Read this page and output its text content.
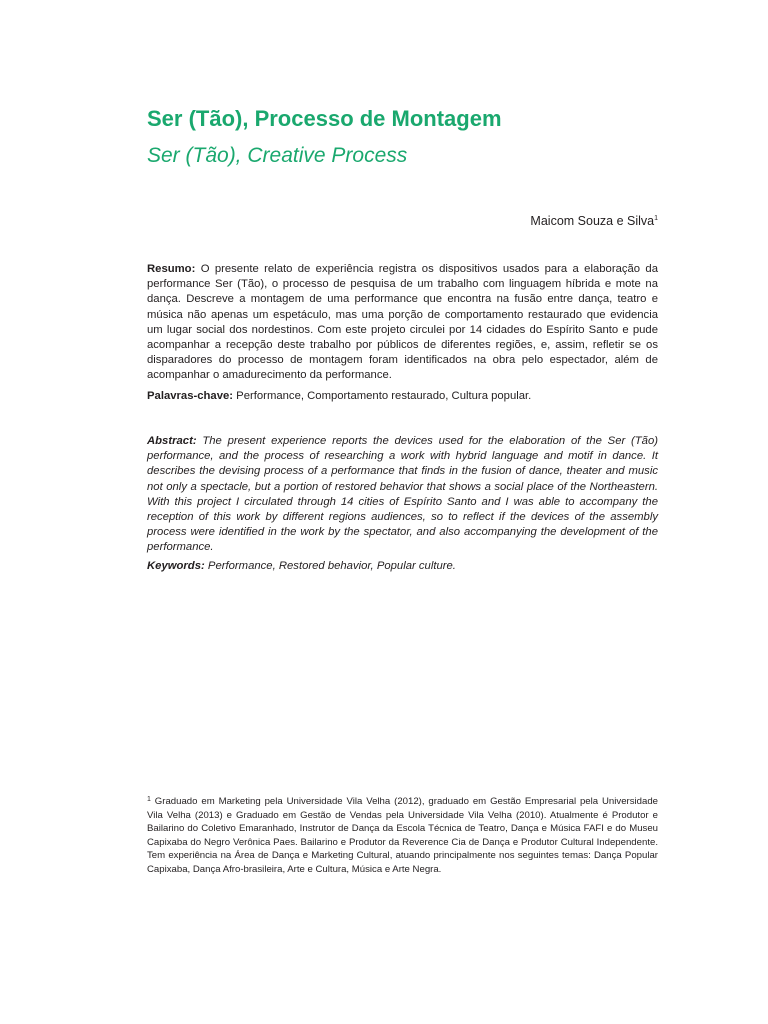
Ser (Tão), Processo de Montagem
Ser (Tão), Creative Process
Maicom Souza e Silva$^1$

Resumo: O presente relato de experiência registra os dispositivos usados para a elaboração da performance Ser (Tão), o processo de pesquisa de um trabalho com linguagem híbrida e mote na dança. Descreve a montagem de uma performance que encontra na fusão entre dança, teatro e música não apenas um espetáculo, mas uma porção de comportamento restaurado que evidencia um lugar social dos nordestinos. Com este projeto circulei por 14 cidades do Espírito Santo e pude acompanhar a recepção deste trabalho por públicos de diferentes regiões, e, assim, refletir se os disparadores do processo de montagem foram identificados na obra pelo espectador, além de acompanhar o amadurecimento da performance.

Palavras-chave: Performance, Comportamento restaurado, Cultura popular.

Abstract: The present experience reports the devices used for the elaboration of the Ser (Tão) performance, and the process of researching a work with hybrid language and motif in dance. It describes the devising process of a performance that finds in the fusion of dance, theater and music not only a spectacle, but a portion of restored behavior that shows a social place of the Northeastern. With this project I circulated through 14 cities of Espírito Santo and I was able to accompany the reception of this work by different regions audiences, so to reflect if the devices of the assembly process were identified in the work by the spectator, and also accompanying the development of the performance.

Keywords: Performance, Restored behavior, Popular culture.

$^1$ Graduado em Marketing pela Universidade Vila Velha (2012), graduado em Gestão Empresarial pela Universidade Vila Velha (2013) e Graduado em Gestão de Vendas pela Universidade Vila Velha (2010). Atualmente é Produtor e Bailarino do Coletivo Emaranhado, Instrutor de Dança da Escola Técnica de Teatro, Dança e Música FAFI e do Museu Capixaba do Negro Verônica Paes. Bailarino e Produtor da Reverence Cia de Dança e Produtor Cultural Independente. Tem experiência na Área de Dança e Marketing Cultural, atuando principalmente nos seguintes temas: Dança Popular Capixaba, Dança Afro-brasileira, Arte e Cultura, Música e Arte Negra.
